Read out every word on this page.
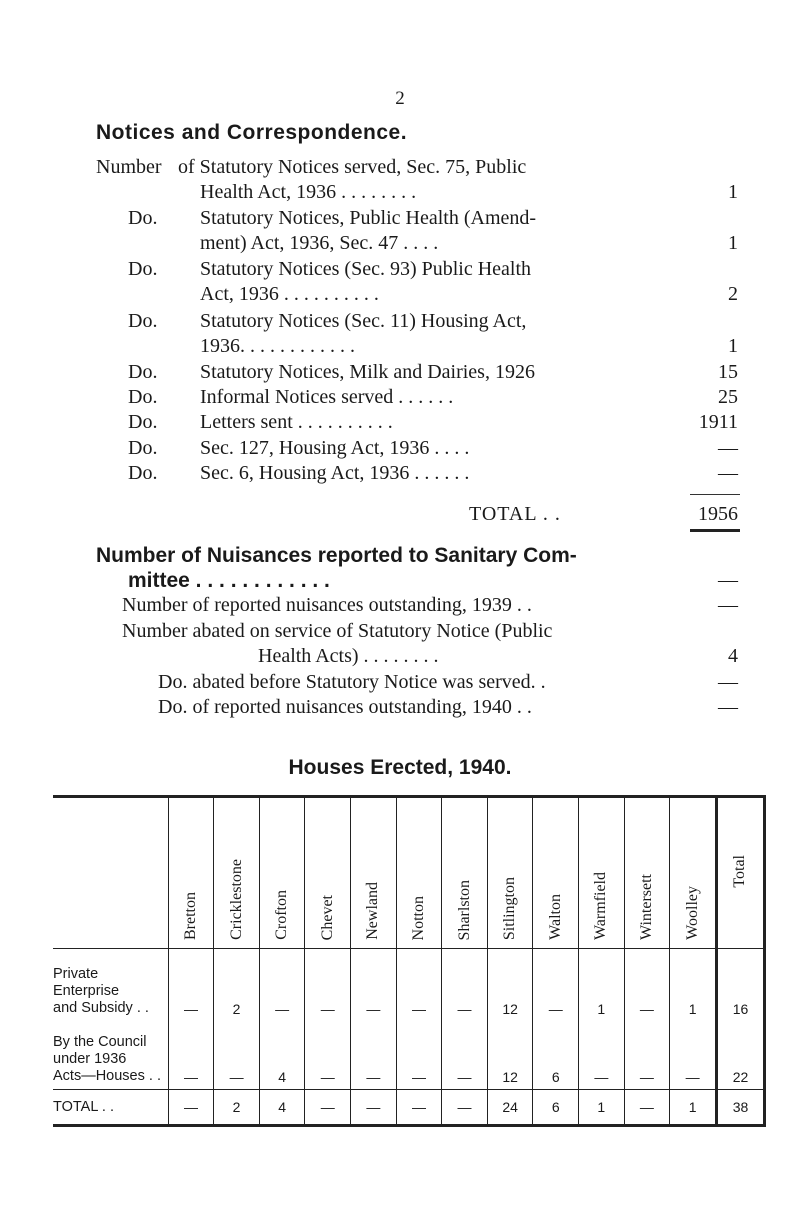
2
Notices and Correspondence.
Number of Statutory Notices served, Sec. 75, Public
Health Act, 1936 . . . . . . . .	1
Do. Statutory Notices, Public Health (Amend-
ment) Act, 1936, Sec. 47 . . . .	1
Do. Statutory Notices (Sec. 93) Public Health
Act, 1936 . . . . . . . . . .	2
Do. Statutory Notices (Sec. 11) Housing Act,
1936. . . . . . . . . . . .	1
Do. Statutory Notices, Milk and Dairies, 1926	15
Do. Informal Notices served . . . . . .	25
Do. Letters sent . . . . . . . . . .	1911
Do. Sec. 127, Housing Act, 1936 . . . .	—
Do. Sec. 6, Housing Act, 1936 . . . . . .	—
TOTAL . .	1956
Number of Nuisances reported to Sanitary Com-
mittee . . . . . . . . . . . .	—
Number of reported nuisances outstanding, 1939 . .	—
Number abated on service of Statutory Notice (Public
Health Acts) . . . . . . . .	4
Do. abated before Statutory Notice was served. .	—
Do. of reported nuisances outstanding, 1940 . .	—
Houses Erected, 1940.

	Bretton	Cricklestone	Crofton	Chevet	Newland	Notton	Sharlston	Sitlington	Walton	Warmfield	Wintersett	Woolley	Total

Private Enterprise
and Subsidy . .	—	2	—	—	—	—	—	12	—	1	—	1	16

By the Council
under 1936
Acts—Houses . .	—	—	4	—	—	—	—	12	6	—	—	—	22

TOTAL . .	—	2	4	—	—	—	—	24	6	1	—	1	38
